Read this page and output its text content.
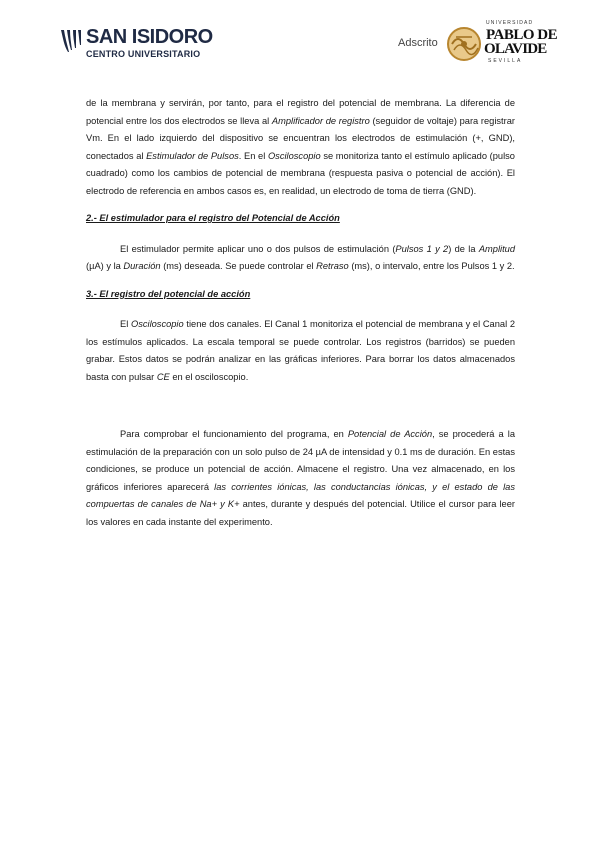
SAN ISIDORO
CENTRO UNIVERSITARIO
Adscrito
UNIVERSIDAD
PABLO DE
OLAVIDE
SEVILLA

de la membrana y servirán, por tanto, para el registro del potencial de membrana. La diferencia de potencial entre los dos electrodos se lleva al Amplificador de registro (seguidor de voltaje) para registrar Vm. En el lado izquierdo del dispositivo se encuentran los electrodos de estimulación (+, GND), conectados al Estimulador de Pulsos. En el Osciloscopio se monitoriza tanto el estímulo aplicado (pulso cuadrado) como los cambios de potencial de membrana (respuesta pasiva o potencial de acción). El electrodo de referencia en ambos casos es, en realidad, un electrodo de toma de tierra (GND).

2.- El estimulador para el registro del Potencial de Acción

El estimulador permite aplicar uno o dos pulsos de estimulación (Pulsos 1 y 2) de la Amplitud (µA) y la Duración (ms) deseada. Se puede controlar el Retraso (ms), o intervalo, entre los Pulsos 1 y 2.

3.- El registro del potencial de acción

El Osciloscopio tiene dos canales. El Canal 1 monitoriza el potencial de membrana y el Canal 2 los estímulos aplicados. La escala temporal se puede controlar. Los registros (barridos) se pueden grabar. Estos datos se podrán analizar en las gráficas inferiores. Para borrar los datos almacenados basta con pulsar CE en el osciloscopio.

Para comprobar el funcionamiento del programa, en Potencial de Acción, se procederá a la estimulación de la preparación con un solo pulso de 24 µA de intensidad y 0.1 ms de duración. En estas condiciones, se produce un potencial de acción. Almacene el registro. Una vez almacenado, en los gráficos inferiores aparecerá las corrientes iónicas, las conductancias iónicas, y el estado de las compuertas de canales de Na+ y K+ antes, durante y después del potencial. Utilice el cursor para leer los valores en cada instante del experimento.
